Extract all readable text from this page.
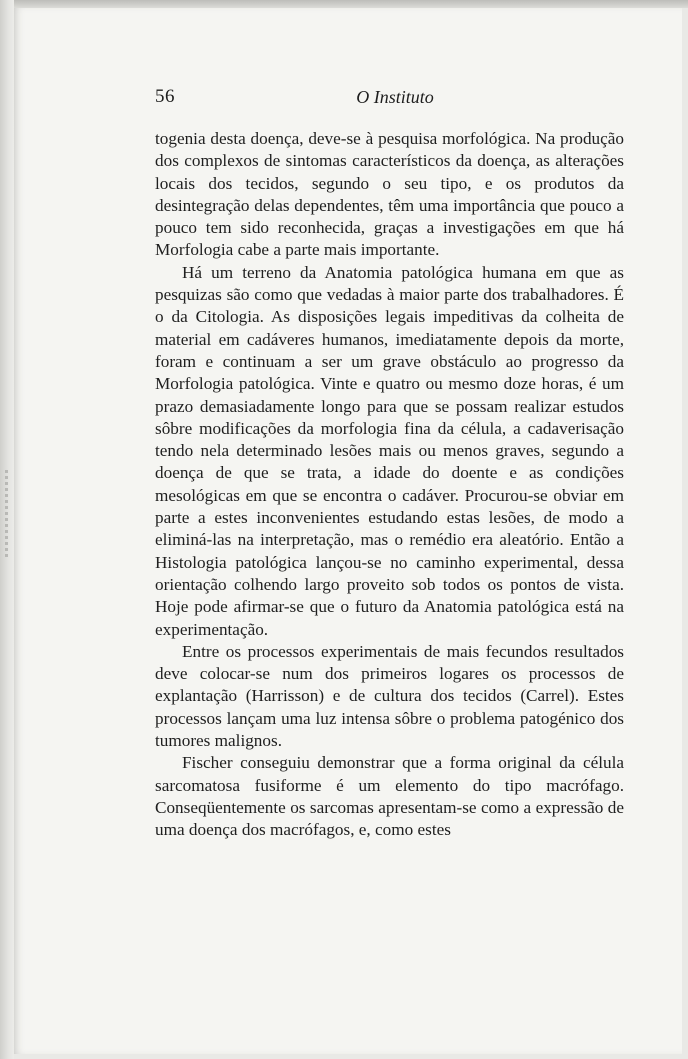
56	O Instituto

togenia desta doença, deve-se à pesquisa morfológica. Na produção dos complexos de sintomas característicos da doença, as alterações locais dos tecidos, segundo o seu tipo, e os produtos da desintegração delas dependentes, têm uma importância que pouco a pouco tem sido reconhecida, graças a investigações em que há Morfologia cabe a parte mais importante.

Há um terreno da Anatomia patológica humana em que as pesquizas são como que vedadas à maior parte dos trabalhadores. É o da Citologia. As disposições legais impeditivas da colheita de material em cadáveres humanos, imediatamente depois da morte, foram e continuam a ser um grave obstáculo ao progresso da Morfologia patológica. Vinte e quatro ou mesmo doze horas, é um prazo demasiadamente longo para que se possam realizar estudos sôbre modificações da morfologia fina da célula, a cadaverisação tendo nela determinado lesões mais ou menos graves, segundo a doença de que se trata, a idade do doente e as condições mesológicas em que se encontra o cadáver. Procurou-se obviar em parte a estes inconvenientes estudando estas lesões, de modo a eliminá-las na interpretação, mas o remédio era aleatório. Então a Histologia patológica lançou-se no caminho experimental, dessa orientação colhendo largo proveito sob todos os pontos de vista. Hoje pode afirmar-se que o futuro da Anatomia patológica está na experimentação.

Entre os processos experimentais de mais fecundos resultados deve colocar-se num dos primeiros logares os processos de explantação (Harrisson) e de cultura dos tecidos (Carrel). Estes processos lançam uma luz intensa sôbre o problema patogénico dos tumores malignos.

Fischer conseguiu demonstrar que a forma original da célula sarcomatosa fusiforme é um elemento do tipo macrófago. Conseqüentemente os sarcomas apresentam-se como a expressão de uma doença dos macrófagos, e, como estes
